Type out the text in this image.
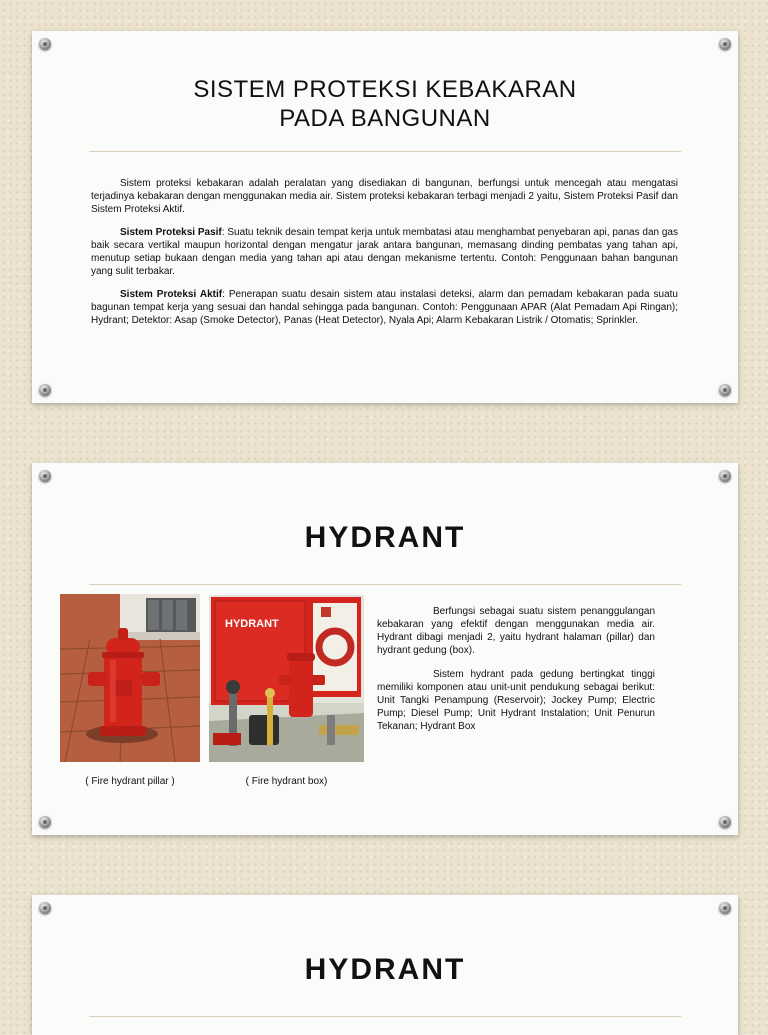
SISTEM PROTEKSI KEBAKARAN
PADA BANGUNAN

Sistem proteksi kebakaran adalah peralatan yang disediakan di bangunan, berfungsi untuk mencegah atau mengatasi terjadinya kebakaran dengan menggunakan media air. Sistem proteksi kebakaran terbagi menjadi 2 yaitu, Sistem Proteksi Pasif dan Sistem Proteksi Aktif.

Sistem Proteksi Pasif: Suatu teknik desain tempat kerja untuk membatasi atau menghambat penyebaran api, panas dan gas baik secara vertikal maupun horizontal dengan mengatur jarak antara bangunan, memasang dinding pembatas yang tahan api, menutup setiap bukaan dengan media yang tahan api atau dengan mekanisme tertentu. Contoh: Penggunaan bahan bangunan yang sulit terbakar.

Sistem Proteksi Aktif: Penerapan suatu desain sistem atau instalasi deteksi, alarm dan pemadam kebakaran pada suatu bagunan tempat kerja yang sesuai dan handal sehingga pada bangunan. Contoh: Penggunaan APAR (Alat Pemadam Api Ringan); Hydrant; Detektor: Asap (Smoke Detector), Panas (Heat Detector), Nyala Api; Alarm Kebakaran Listrik / Otomatis; Sprinkler.

HYDRANT
HYDRANT
( Fire hydrant pillar )	( Fire hydrant box)

Berfungsi sebagai suatu sistem penanggulangan kebakaran yang efektif dengan menggunakan media air. Hydrant dibagi menjadi 2, yaitu hydrant halaman (pillar) dan hydrant gedung (box).

Sistem hydrant pada gedung bertingkat tinggi memiliki komponen atau unit-unit pendukung sebagai berikut: Unit Tangki Penampung (Reservoir); Jockey Pump; Electric Pump; Diesel Pump; Unit Hydrant Instalation; Unit Penurun Tekanan; Hydrant Box

HYDRANT
